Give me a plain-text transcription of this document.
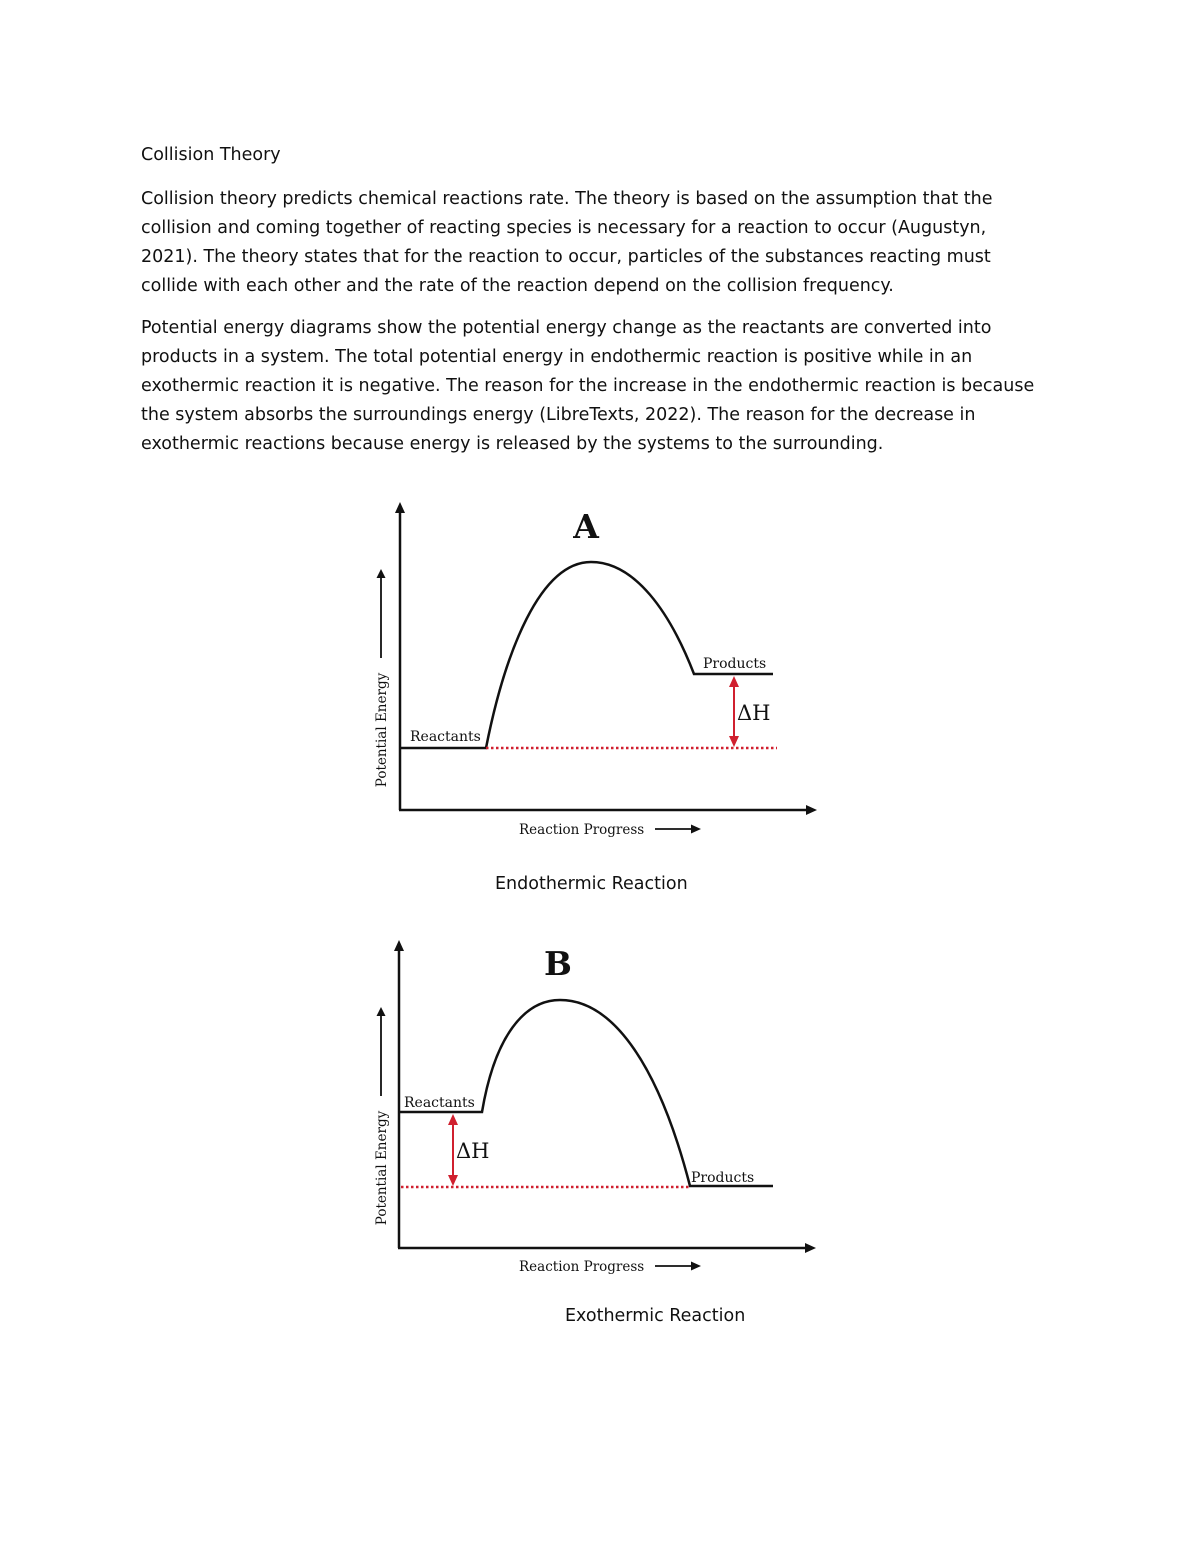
Collision Theory

Collision theory predicts chemical reactions rate. The theory is based on the assumption that the collision and coming together of reacting species is necessary for a reaction to occur (Augustyn, 2021). The theory states that for the reaction to occur, particles of the substances reacting must collide with each other and the rate of the reaction depend on the collision frequency.

Potential energy diagrams show the potential energy change as the reactants are converted into products in a system. The total potential energy in endothermic reaction is positive while in an exothermic reaction it is negative. The reason for the increase in the endothermic reaction is because the system absorbs the surroundings energy (LibreTexts, 2022). The reason for the decrease in exothermic reactions because energy is released by the systems to the surrounding.

A
Potential Energy
Reaction Progress
ΔH
Reactants
Products
Endothermic Reaction
B
Potential Energy
Reaction Progress
ΔH
Reactants
Products
Exothermic Reaction
